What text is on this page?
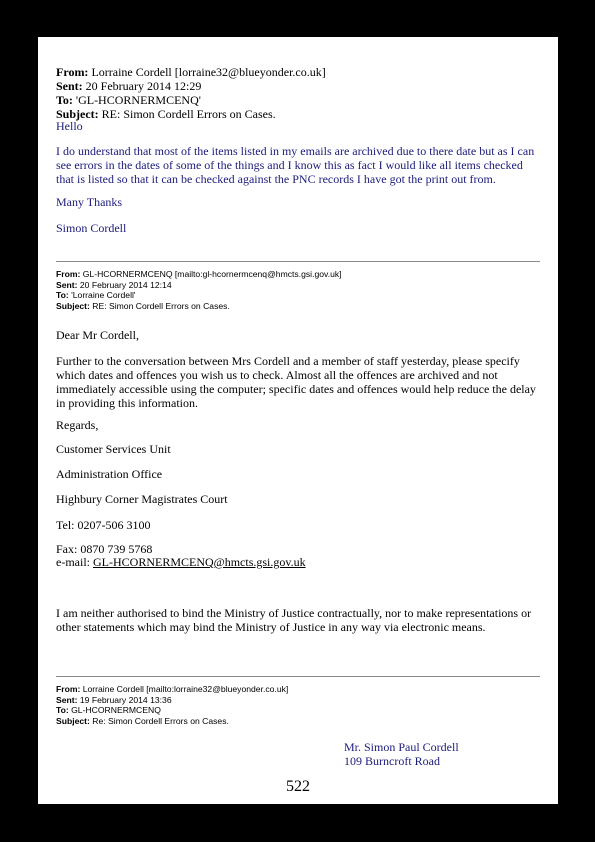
From: Lorraine Cordell [lorraine32@blueyonder.co.uk]
Sent: 20 February 2014 12:29
To: 'GL-HCORNERMCENQ'
Subject: RE: Simon Cordell Errors on Cases.
Hello
I do understand that most of the items listed in my emails are archived due to there date but as I can see errors in the dates of some of the things and I know this as fact I would like all items checked that is listed so that it can be checked against the PNC records I have got the print out from.
Many Thanks
Simon Cordell
From: GL-HCORNERMCENQ [mailto:gl-hcornermcenq@hmcts.gsi.gov.uk]
Sent: 20 February 2014 12:14
To: 'Lorraine Cordell'
Subject: RE: Simon Cordell Errors on Cases.
Dear Mr Cordell,
Further to the conversation between Mrs Cordell and a member of staff yesterday, please specify which dates and offences you wish us to check. Almost all the offences are archived and not immediately accessible using the computer; specific dates and offences would help reduce the delay in providing this information.
Regards,
Customer Services Unit
Administration Office
Highbury Corner Magistrates Court
Tel: 0207-506 3100
Fax: 0870 739 5768
e-mail: GL-HCORNERMCENQ@hmcts.gsi.gov.uk
I am neither authorised to bind the Ministry of Justice contractually, nor to make representations or other statements which may bind the Ministry of Justice in any way via electronic means.
From: Lorraine Cordell [mailto:lorraine32@blueyonder.co.uk]
Sent: 19 February 2014 13:36
To: GL-HCORNERMCENQ
Subject: Re: Simon Cordell Errors on Cases.
Mr. Simon Paul Cordell
109 Burncroft Road
522
